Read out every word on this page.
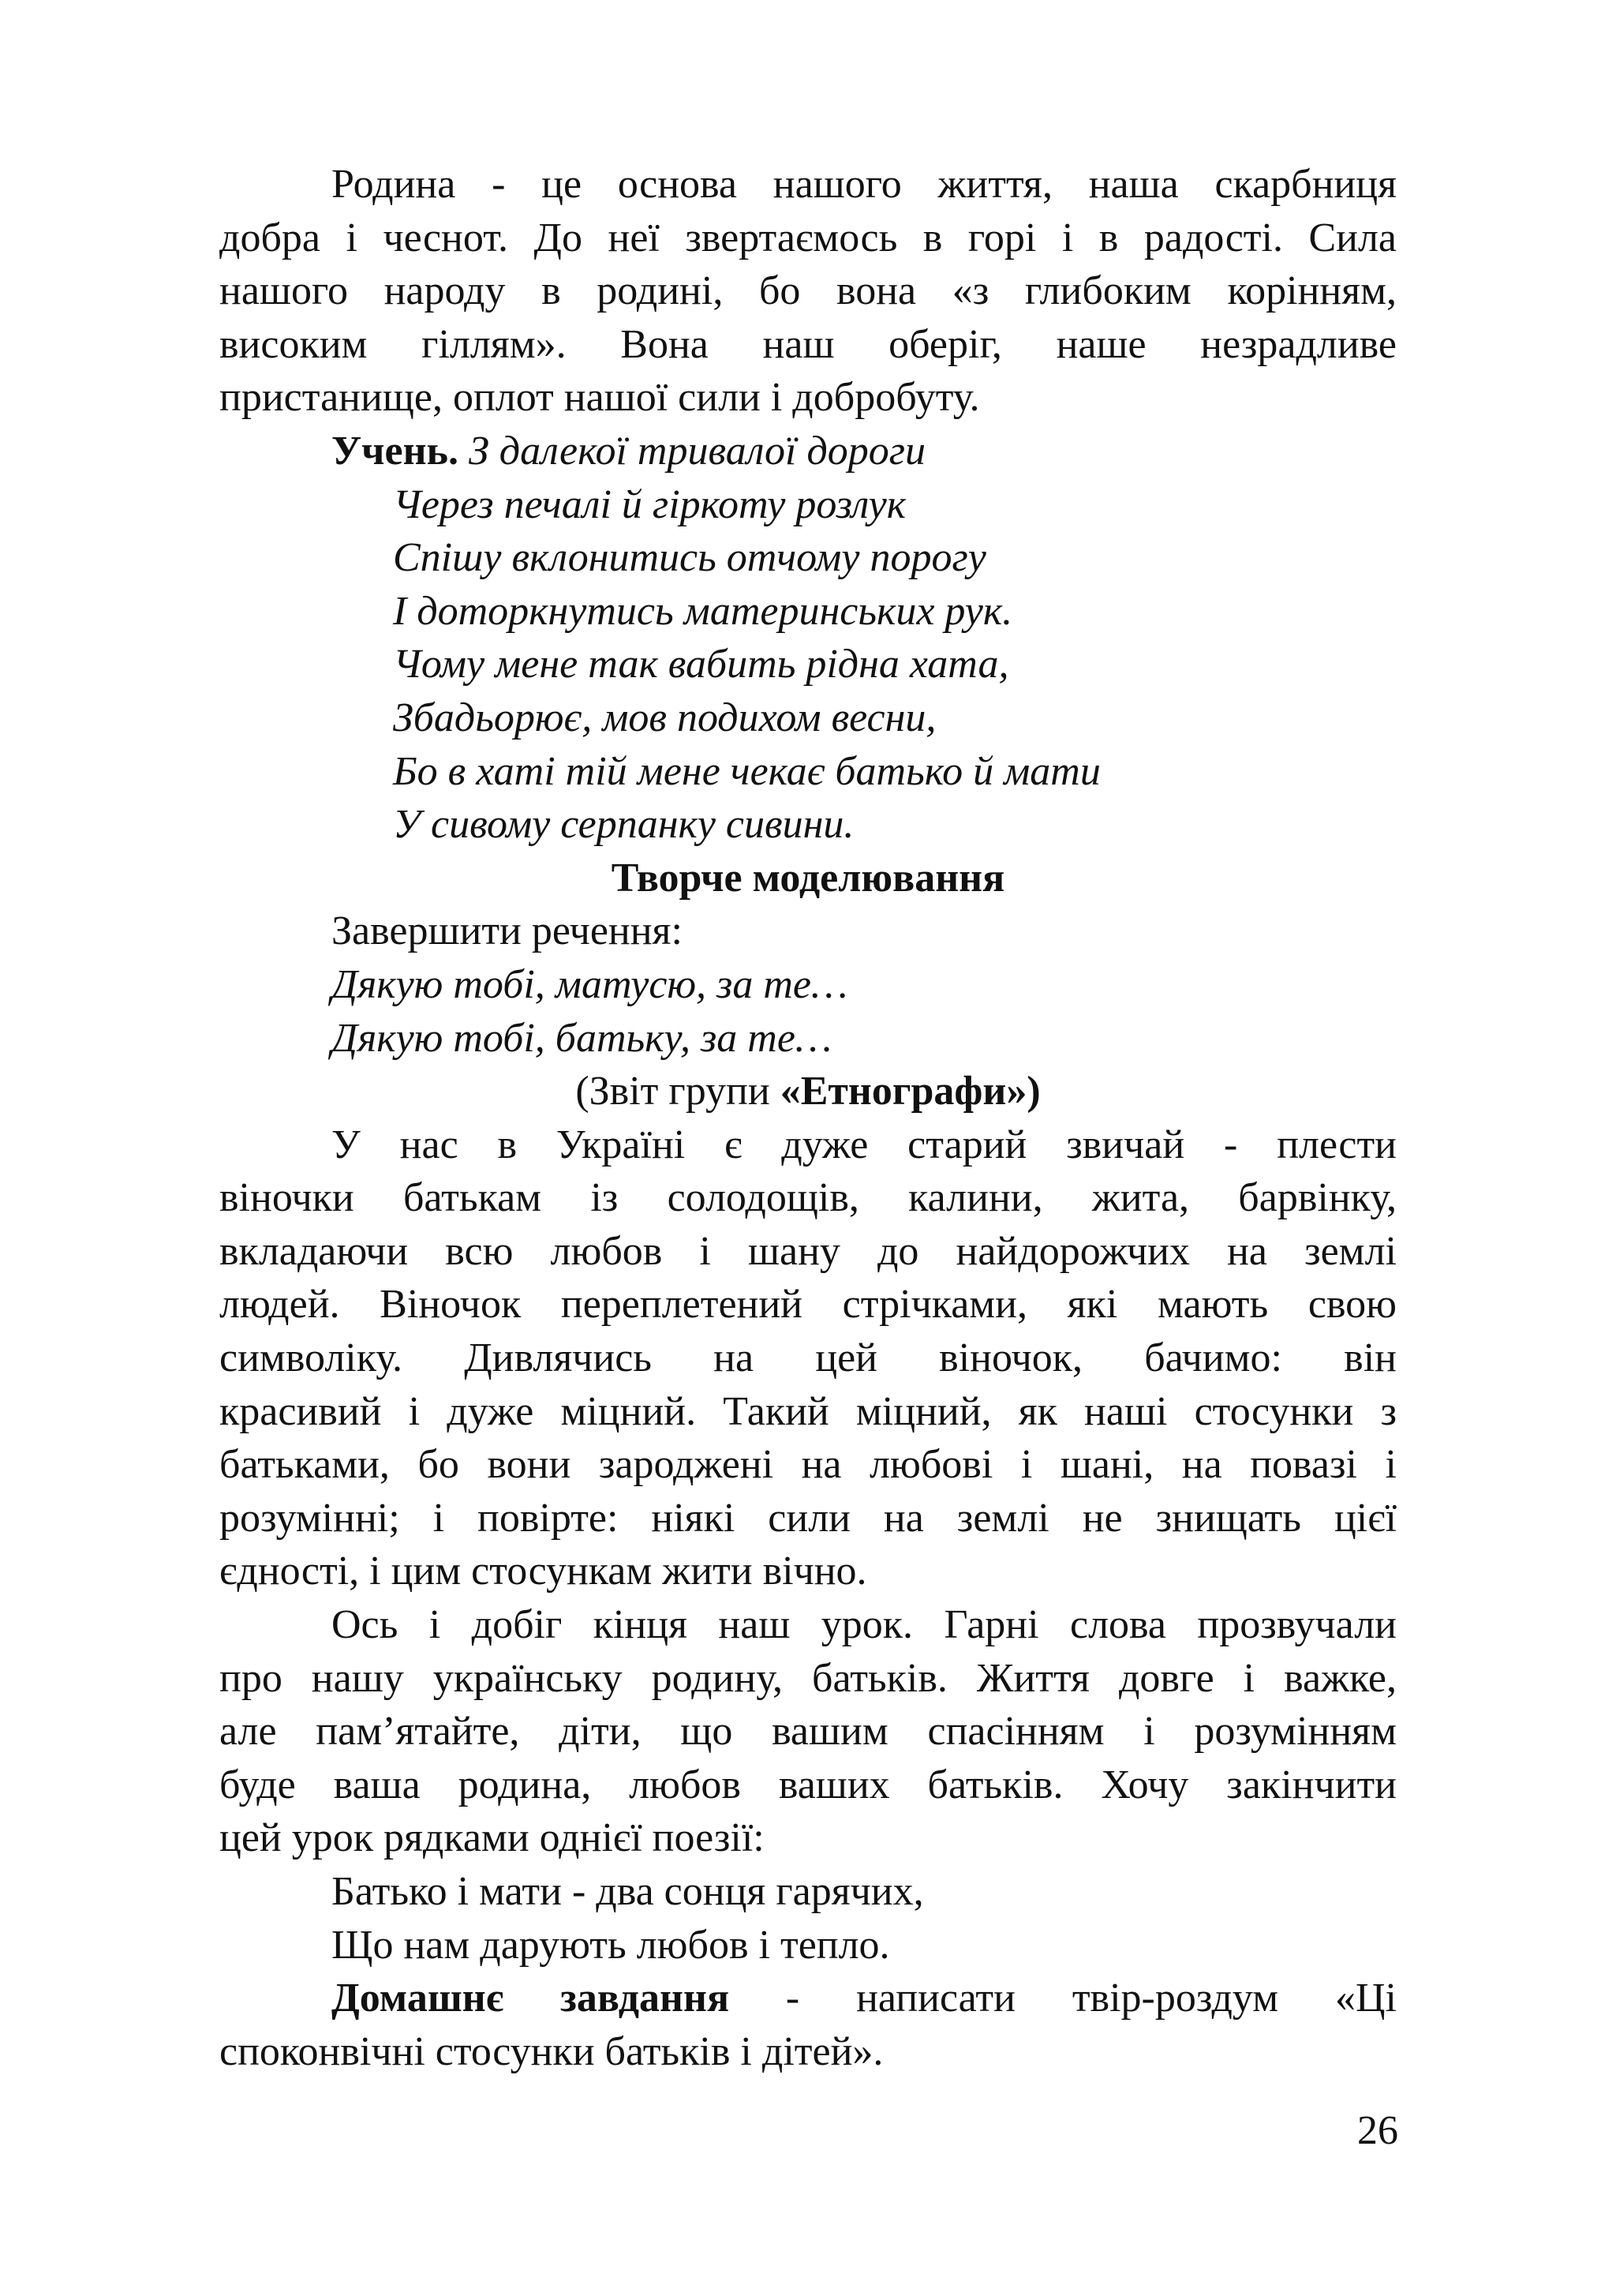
Родина - це основа нашого життя, наша скарбниця

добра і чеснот. До неї звертаємось в горі і в радості. Сила

нашого народу в родині, бо вона «з глибоким корінням,

високим гіллям». Вона наш оберіг, наше незрадливе

пристанище, оплот нашої сили і добробуту.

Учень. З далекої тривалої дороги

Через печалі й гіркоту розлук

Спішу вклонитись отчому порогу

І доторкнутись материнських рук.

Чому мене так вабить рідна хата,

Збадьорює, мов подихом весни,

Бо в хаті тій мене чекає батько й мати

У сивому серпанку сивини.

Творче моделювання

Завершити речення:

Дякую тобі, матусю, за те…

Дякую тобі, батьку, за те…

(Звіт групи «Етнографи»)

У нас в Україні є дуже старий звичай - плести

віночки батькам із солодощів, калини, жита, барвінку,

вкладаючи всю любов і шану до найдорожчих на землі

людей. Віночок переплетений стрічками, які мають свою

символіку. Дивлячись на цей віночок, бачимо: він

красивий і дуже міцний. Такий міцний, як наші стосунки з

батьками, бо вони зароджені на любові і шані, на повазі і

розумінні; і повірте: ніякі сили на землі не знищать цієї

єдності, і цим стосункам жити вічно.

Ось і добіг кінця наш урок. Гарні слова прозвучали

про нашу українську родину, батьків. Життя довге і важке,

але пам’ятайте, діти, що вашим спасінням і розумінням

буде ваша родина, любов ваших батьків. Хочу закінчити

цей урок рядками однієї поезії:

Батько і мати - два сонця гарячих,

Що нам дарують любов і тепло.

Домашнє завдання - написати твір-роздум «Ці

споконвічні стосунки батьків і дітей».

26
